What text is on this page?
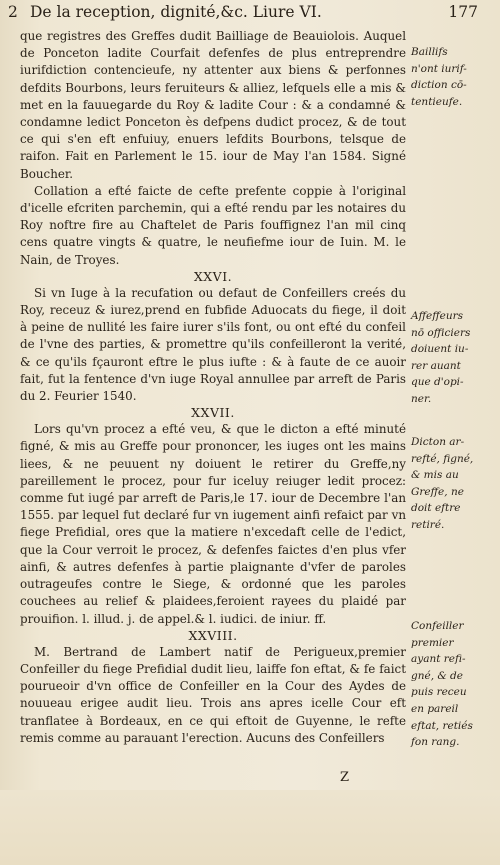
2 De la reception, dignité,&c. Liure VI.	177

que registres des Greffes dudit Bailliage de Beauiolois. Auquel de Ponceton ladite Courfait defenfes de plus entreprendre iurifdiction contencieufe, ny attenter aux biens & perfonnes defdits Bourbons, leurs feruiteurs & alliez, lefquels elle a mis & met en la fauuegarde du Roy & ladite Cour : & a condamné & condamne ledict Ponceton ès defpens dudict procez, & de tout ce qui s'en eft enfuiuy, enuers lefdits Bourbons, telsque de raifon. Fait en Parlement le 15. iour de May l'an 1584. Signé Boucher.

Collation a efté faicte de cefte prefente coppie à l'original d'icelle efcriten parchemin, qui a efté rendu par les notaires du Roy noftre fire au Chaftelet de Paris fouffignez l'an mil cinq cens quatre vingts & quatre, le neufiefme iour de Iuin. M. le Nain, de Troyes.

XXVI.

Si vn Iuge à la recufation ou defaut de Confeillers creés du Roy, receuz & iurez,prend en fubfide Aduocats du fiege, il doit à peine de nullité les faire iurer s'ils font, ou ont efté du confeil de l'vne des parties, & promettre qu'ils confeilleront la verité, & ce qu'ils fçauront eftre le plus iufte : & à faute de ce auoir fait, fut la fentence d'vn iuge Royal annullee par arreft de Paris du 2. Feurier 1540.

XXVII.

Lors qu'vn procez a efté veu, & que le dicton a efté minuté figné, & mis au Greffe pour prononcer, les iuges ont les mains liees, & ne peuuent ny doiuent le retirer du Greffe,ny pareillement le procez, pour fur iceluy reiuger ledit procez: comme fut iugé par arreft de Paris,le 17. iour de Decembre l'an 1555. par lequel fut declaré fur vn iugement ainfi refaict par vn fiege Prefidial, ores que la matiere n'excedaft celle de l'edict, que la Cour verroit le procez, & defenfes faictes d'en plus vfer ainfi, & autres defenfes à partie plaignante d'vfer de paroles outrageufes contre le Siege, & ordonné que les paroles couchees au relief & plaidees,feroient rayees du plaidé par prouifion. l. illud. j. de appel.& l. iudici. de iniur. ff.

XXVIII.

M. Bertrand de Lambert natif de Perigueux,premier Confeiller du fiege Prefidial dudit lieu, laiffe fon eftat, & fe faict pourueoir d'vn office de Confeiller en la Cour des Aydes de nouueau erigee audit lieu. Trois ans apres icelle Cour eft tranflatee à Bordeaux, en ce qui eftoit de Guyenne, le refte remis comme au parauant l'erection. Aucuns des Confeillers

Z
Baillifs
n'ont iurif-
diction cō-
tentieufe.
Affeffeurs
nō officiers
doiuent iu-
rer auant
que d'opi-
ner.
Dicton ar-
refté, figné,
& mis au
Greffe, ne
doit eftre
retiré.
Confeiller
premier
ayant refi-
gné, & de
puis receu
en pareil
eftat, retiés
fon rang.
